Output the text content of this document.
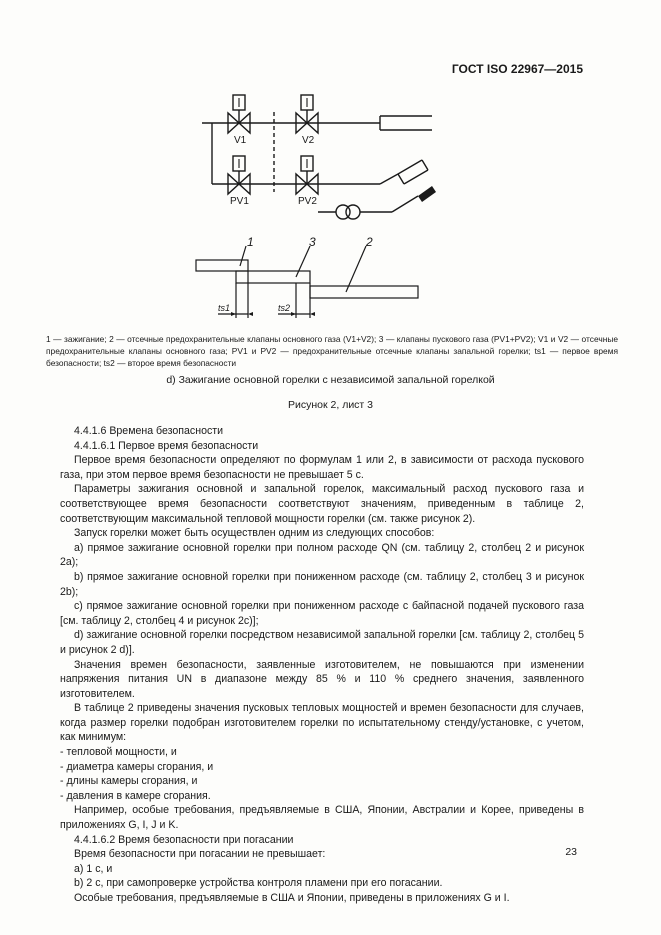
ГОСТ ISO 22967—2015
V1	V2
PV1	PV2
1	3	2
ts1	ts2
1 — зажигание; 2 — отсечные предохранительные клапаны основного газа (V1+V2); 3 — клапаны пускового газа (PV1+PV2); V1 и V2 — отсечные предохранительные клапаны основного газа; PV1 и PV2 — предохранительные отсечные клапаны запальной горелки; ts1 — первое время безопасности; ts2 — второе время безопасности
d) Зажигание основной горелки с независимой запальной горелкой
Рисунок 2, лист 3

4.4.1.6 Времена безопасности

4.4.1.6.1 Первое время безопасности

Первое время безопасности определяют по формулам 1 или 2, в зависимости от расхода пускового газа, при этом первое время безопасности не превышает 5 с.

Параметры зажигания основной и запальной горелок, максимальный расход пускового газа и соответствующее время безопасности соответствуют значениям, приведенным в таблице 2, соответствующим максимальной тепловой мощности горелки (см. также рисунок 2).

Запуск горелки может быть осуществлен одним из следующих способов:

a) прямое зажигание основной горелки при полном расходе QN (см. таблицу 2, столбец 2 и рисунок 2a);

b) прямое зажигание основной горелки при пониженном расходе (см. таблицу 2, столбец 3 и рисунок 2b);

c) прямое зажигание основной горелки при пониженном расходе с байпасной подачей пускового газа [см. таблицу 2, столбец 4 и рисунок 2c)];

d) зажигание основной горелки посредством независимой запальной горелки [см. таблицу 2, столбец 5 и рисунок 2 d)].

Значения времен безопасности, заявленные изготовителем, не повышаются при изменении напряжения питания UN в диапазоне между 85 % и 110 % среднего значения, заявленного изготовителем.

В таблице 2 приведены значения пусковых тепловых мощностей и времен безопасности для случаев, когда размер горелки подобран изготовителем горелки по испытательному стенду/установке, с учетом, как минимум:

- тепловой мощности, и

- диаметра камеры сгорания, и

- длины камеры сгорания, и

- давления в камере сгорания.

Например, особые требования, предъявляемые в США, Японии, Австралии и Корее, приведены в приложениях G, I, J и K.

4.4.1.6.2 Время безопасности при погасании

Время безопасности при погасании не превышает:

a) 1 с, и

b) 2 с, при самопроверке устройства контроля пламени при его погасании.

Особые требования, предъявляемые в США и Японии, приведены в приложениях G и I.

23
